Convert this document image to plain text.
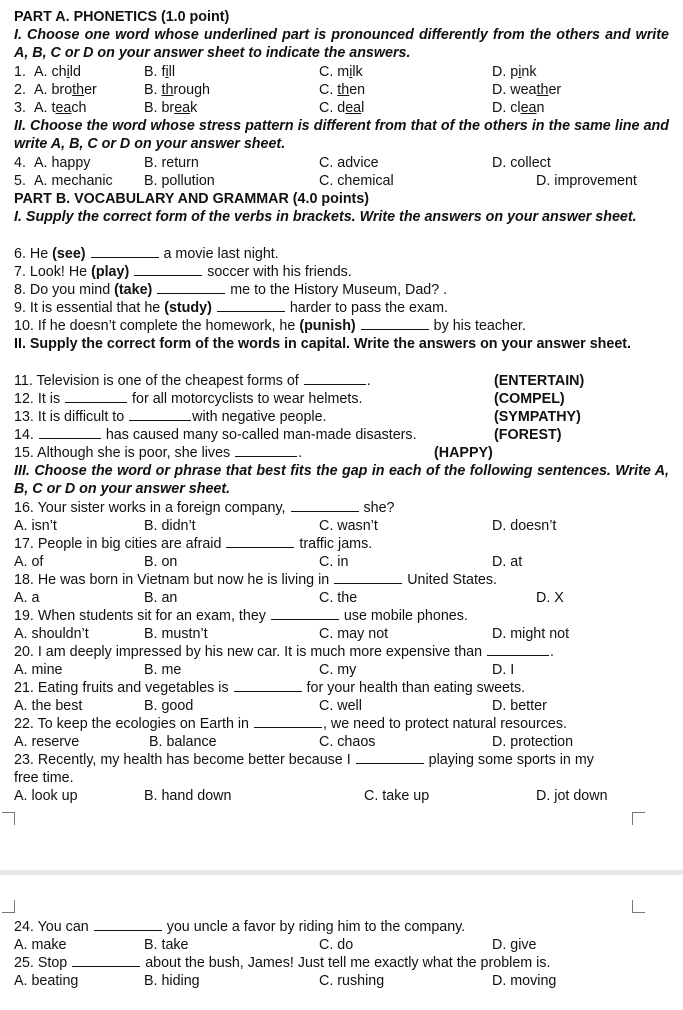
PART A. PHONETICS (1.0 point)
I. Choose one word whose underlined part is pronounced differently from the others and write A, B, C or D on your answer sheet to indicate the answers.
1. A. child	B. fill	C. milk	D. pink
2. A. brother	B. through	C. then	D. weather
3. A. teach	B. break	C. deal	D. clean
II. Choose the word whose stress pattern is different from that of the others in the same line and write A, B, C or D on your answer sheet.
4. A. happy	B. return	C. advice	D. collect
5. A. mechanic B. pollution	C. chemical	D. improvement
PART B. VOCABULARY AND GRAMMAR (4.0 points)
I. Supply the correct form of the verbs in brackets. Write the answers on your answer sheet.
6. He (see)	a movie last night.
7. Look! He (play)	soccer with his friends.
8. Do you mind (take)	me to the History Museum, Dad? .
9. It is essential that he (study)	harder to pass the exam.
10. If he doesn’t complete the homework, he (punish)	by his teacher.
II. Supply the correct form of the words in capital. Write the answers on your answer sheet.
11. Television is one of the cheapest forms of	.	(ENTERTAIN)
12. It is	for all motorcyclists to wear helmets.	(COMPEL)
13. It is difficult to	with negative people.	(SYMPATHY)
14.	has caused many so-called man-made disasters.	(FOREST)
15. Although she is poor, she lives	.	(HAPPY)
III. Choose the word or phrase that best fits the gap in each of the following sentences. Write A, B, C or D on your answer sheet.
16. Your sister works in a foreign company,	she?
A. isn’t	B. didn’t	C. wasn’t	D. doesn’t
17. People in big cities are afraid	traffic jams.
A. of	B. on	C. in	D. at
18. He was born in Vietnam but now he is living in	United States.
A. a	B. an	C. the	D. X
19. When students sit for an exam, they	use mobile phones.
A. shouldn’t	B. mustn’t	C. may not	D. might not
20. I am deeply impressed by his new car. It is much more expensive than	.
A. mine	B. me	C. my	D. I
21. Eating fruits and vegetables is	for your health than eating sweets.
A. the best	B. good	C. well	D. better
22. To keep the ecologies on Earth in	, we need to protect natural resources.
A. reserve	B. balance	C. chaos	D. protection
23. Recently, my health has become better because I	playing some sports in my
free time.
A. look up	B. hand down	C. take up	D. jot down
24. You can	you uncle a favor by riding him to the company.
A. make	B. take	C. do	D. give
25. Stop	about the bush, James! Just tell me exactly what the problem is.
A. beating	B. hiding	C. rushing	D. moving
